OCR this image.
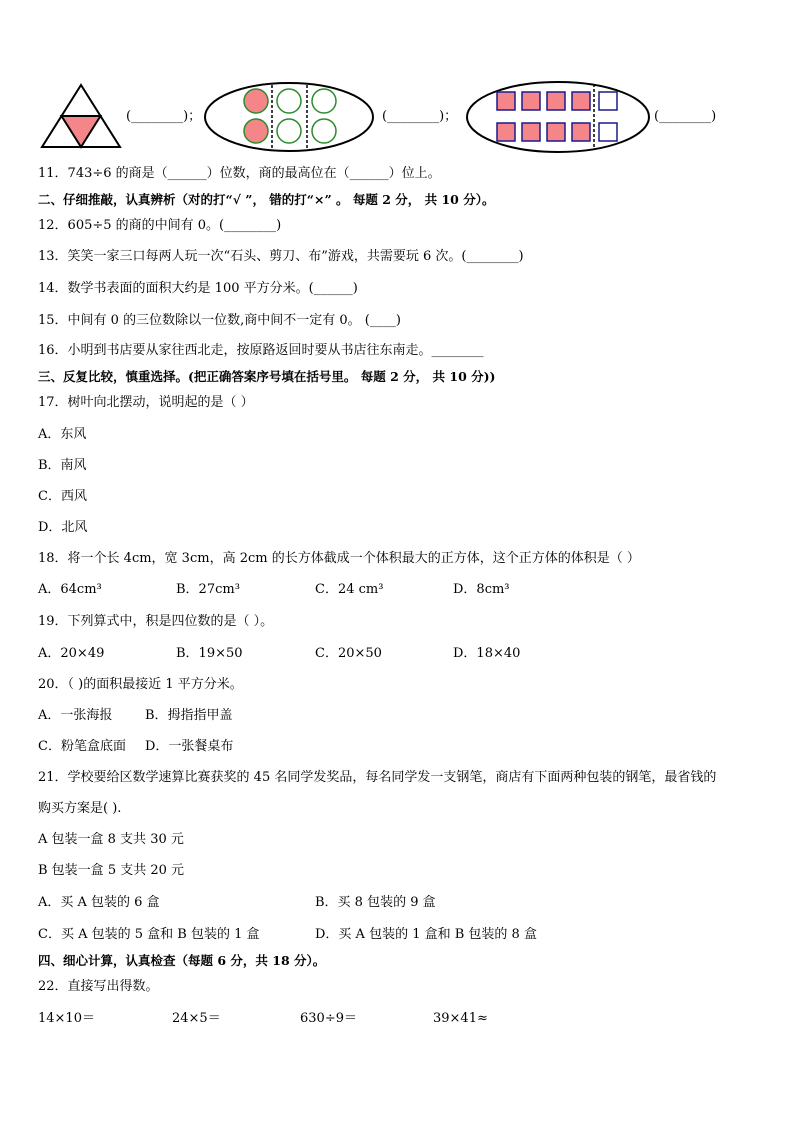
(________)；	(________)；	(________)
11．743÷6 的商是（______）位数，商的最高位在（______）位上。
二、仔细推敲，认真辨析（对的打“√ ”， 错的打“×” 。 每题 2 分， 共 10 分）。
12．605÷5 的商的中间有 0。(________)
13．笑笑一家三口每两人玩一次“石头、剪刀、布”游戏，共需要玩 6 次。(________)
14．数学书表面的面积大约是 100 平方分米。(______)
15．中间有 0 的三位数除以一位数,商中间不一定有 0。 (____)
16．小明到书店要从家往西北走，按原路返回时要从书店往东南走。________
三、反复比较，慎重选择。(把正确答案序号填在括号里。 每题 2 分， 共 10 分))
17．树叶向北摆动，说明起的是（ ）
A．东风
B．南风
C．西风
D．北风
18．将一个长 4cm，宽 3cm，高 2cm 的长方体截成一个体积最大的正方体，这个正方体的体积是（ ）
A．64cm³	B．27cm³	C．24 cm³	D．8cm³
19．下列算式中，积是四位数的是（ ）。
A．20×49	B．19×50	C．20×50	D．18×40
20．（ )的面积最接近 1 平方分米。
A．一张海报	B．拇指指甲盖
C．粉笔盒底面 D．一张餐桌布
21．学校要给区数学速算比赛获奖的 45 名同学发奖品，每名同学发一支钢笔，商店有下面两种包装的钢笔，最省钱的
购买方案是( ).
A 包装一盒 8 支共 30 元
B 包装一盒 5 支共 20 元
A．买 A 包装的 6 盒	B．买 8 包装的 9 盒
C．买 A 包装的 5 盒和 B 包装的 1 盒	D．买 A 包装的 1 盒和 B 包装的 8 盒
四、细心计算，认真检查（每题 6 分，共 18 分）。
22．直接写出得数。
14×10＝	24×5＝	630÷9＝	39×41≈
